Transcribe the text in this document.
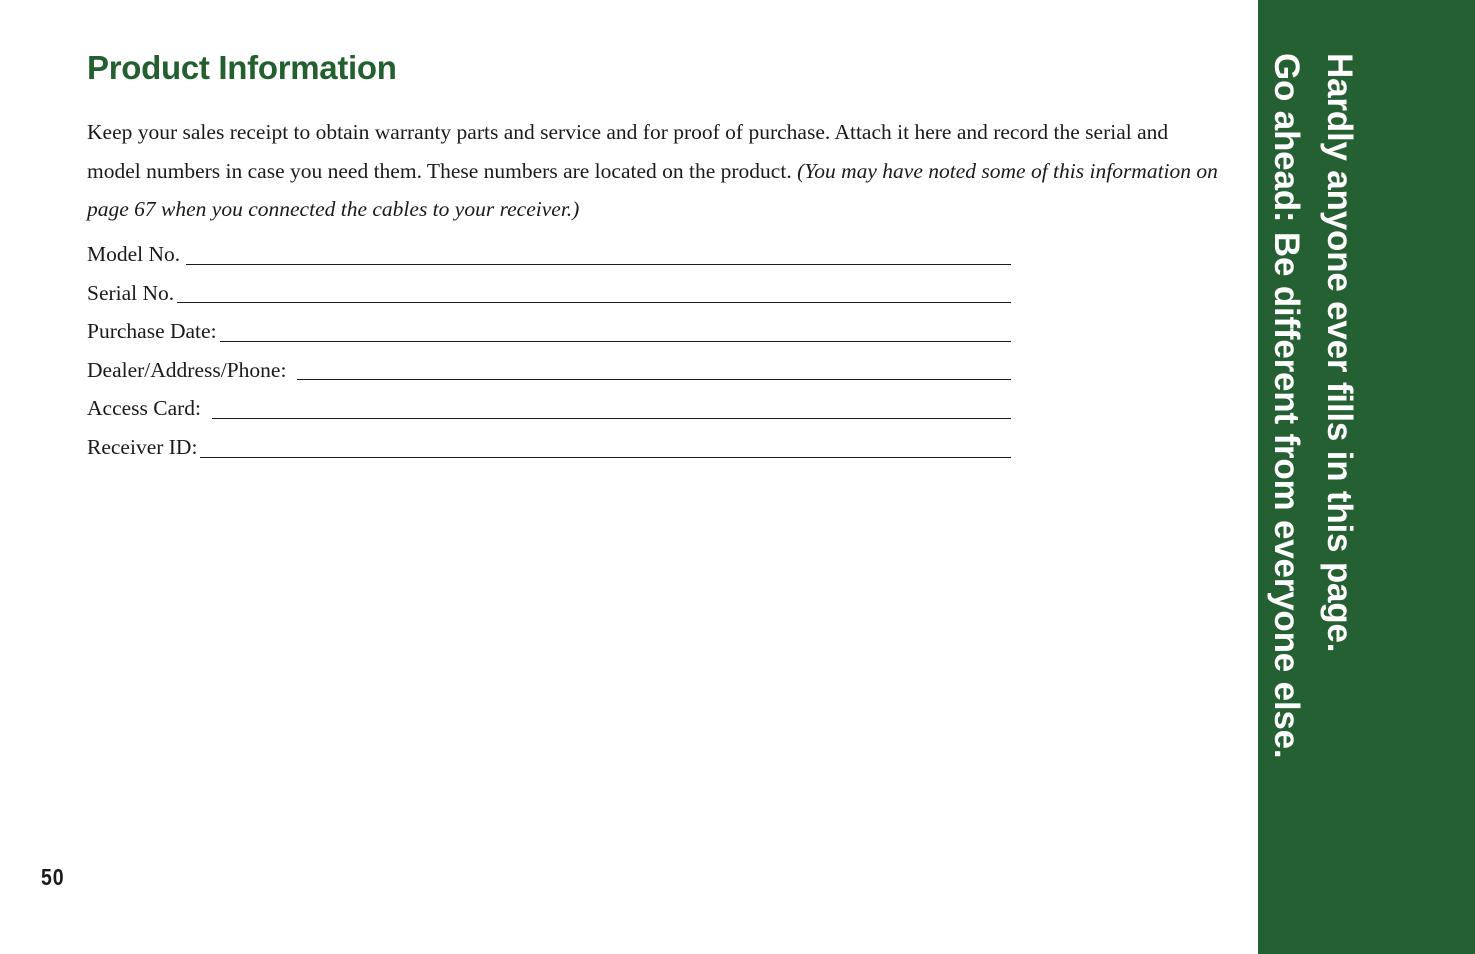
Product Information

Keep your sales receipt to obtain warranty parts and service and for proof of purchase. Attach it here and record the serial and model numbers in case you need them. These numbers are located on the product. (You may have noted some of this information on page 67 when you connected the cables to your receiver.)

Model No.
Serial No.
Purchase Date:
Dealer/Address/Phone:
Access Card:
Receiver ID:
50
Hardly anyone ever fills in this page.
Go ahead: Be different from everyone else.
